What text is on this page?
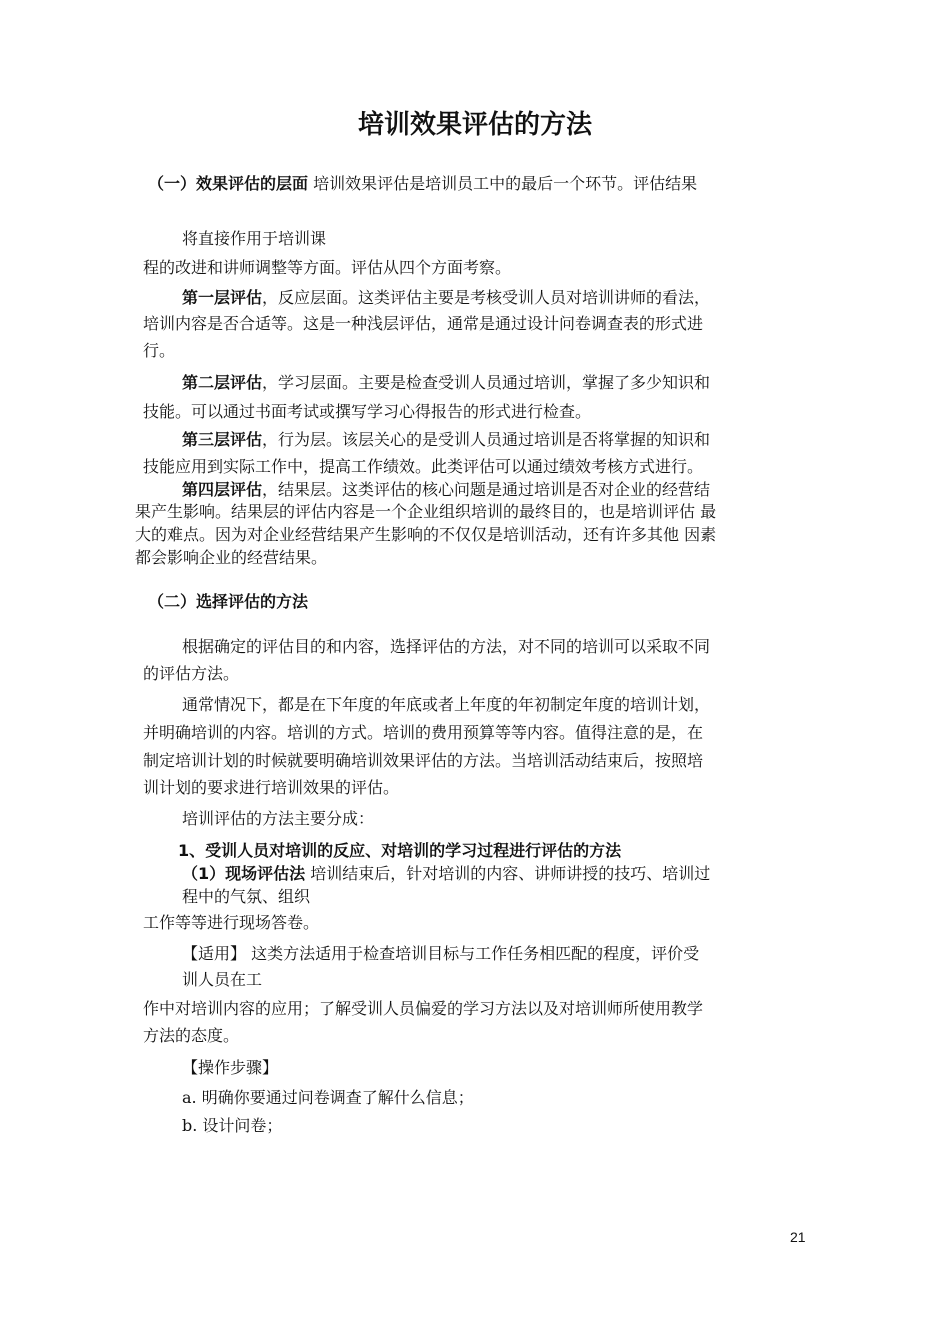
培训效果评估的方法
（一）效果评估的层面 培训效果评估是培训员工中的最后一个环节。评估结果
将直接作用于培训课
程的改进和讲师调整等方面。评估从四个方面考察。
第一层评估，反应层面。这类评估主要是考核受训人员对培训讲师的看法，
培训内容是否合适等。这是一种浅层评估，通常是通过设计问卷调查表的形式进
行。
第二层评估，学习层面。主要是检查受训人员通过培训，掌握了多少知识和
技能。可以通过书面考试或撰写学习心得报告的形式进行检查。
第三层评估，行为层。该层关心的是受训人员通过培训是否将掌握的知识和
技能应用到实际工作中，提高工作绩效。此类评估可以通过绩效考核方式进行。
第四层评估，结果层。这类评估的核心问题是通过培训是否对企业的经营结
果产生影响。结果层的评估内容是一个企业组织培训的最终目的，也是培训评估 最
大的难点。因为对企业经营结果产生影响的不仅仅是培训活动，还有许多其他 因素
都会影响企业的经营结果。
（二）选择评估的方法
根据确定的评估目的和内容，选择评估的方法，对不同的培训可以采取不同
的评估方法。
通常情况下，都是在下年度的年底或者上年度的年初制定年度的培训计划，
并明确培训的内容。培训的方式。培训的费用预算等等内容。值得注意的是，在
制定培训计划的时候就要明确培训效果评估的方法。当培训活动结束后，按照培
训计划的要求进行培训效果的评估。
培训评估的方法主要分成：
1、受训人员对培训的反应、对培训的学习过程进行评估的方法
（1）现场评估法 培训结束后，针对培训的内容、讲师讲授的技巧、培训过
程中的气氛、组织
工作等等进行现场答卷。
【适用】 这类方法适用于检查培训目标与工作任务相匹配的程度，评价受
训人员在工
作中对培训内容的应用；了解受训人员偏爱的学习方法以及对培训师所使用教学
方法的态度。
【操作步骤】
a. 明确你要通过问卷调查了解什么信息；
b. 设计问卷；
21
